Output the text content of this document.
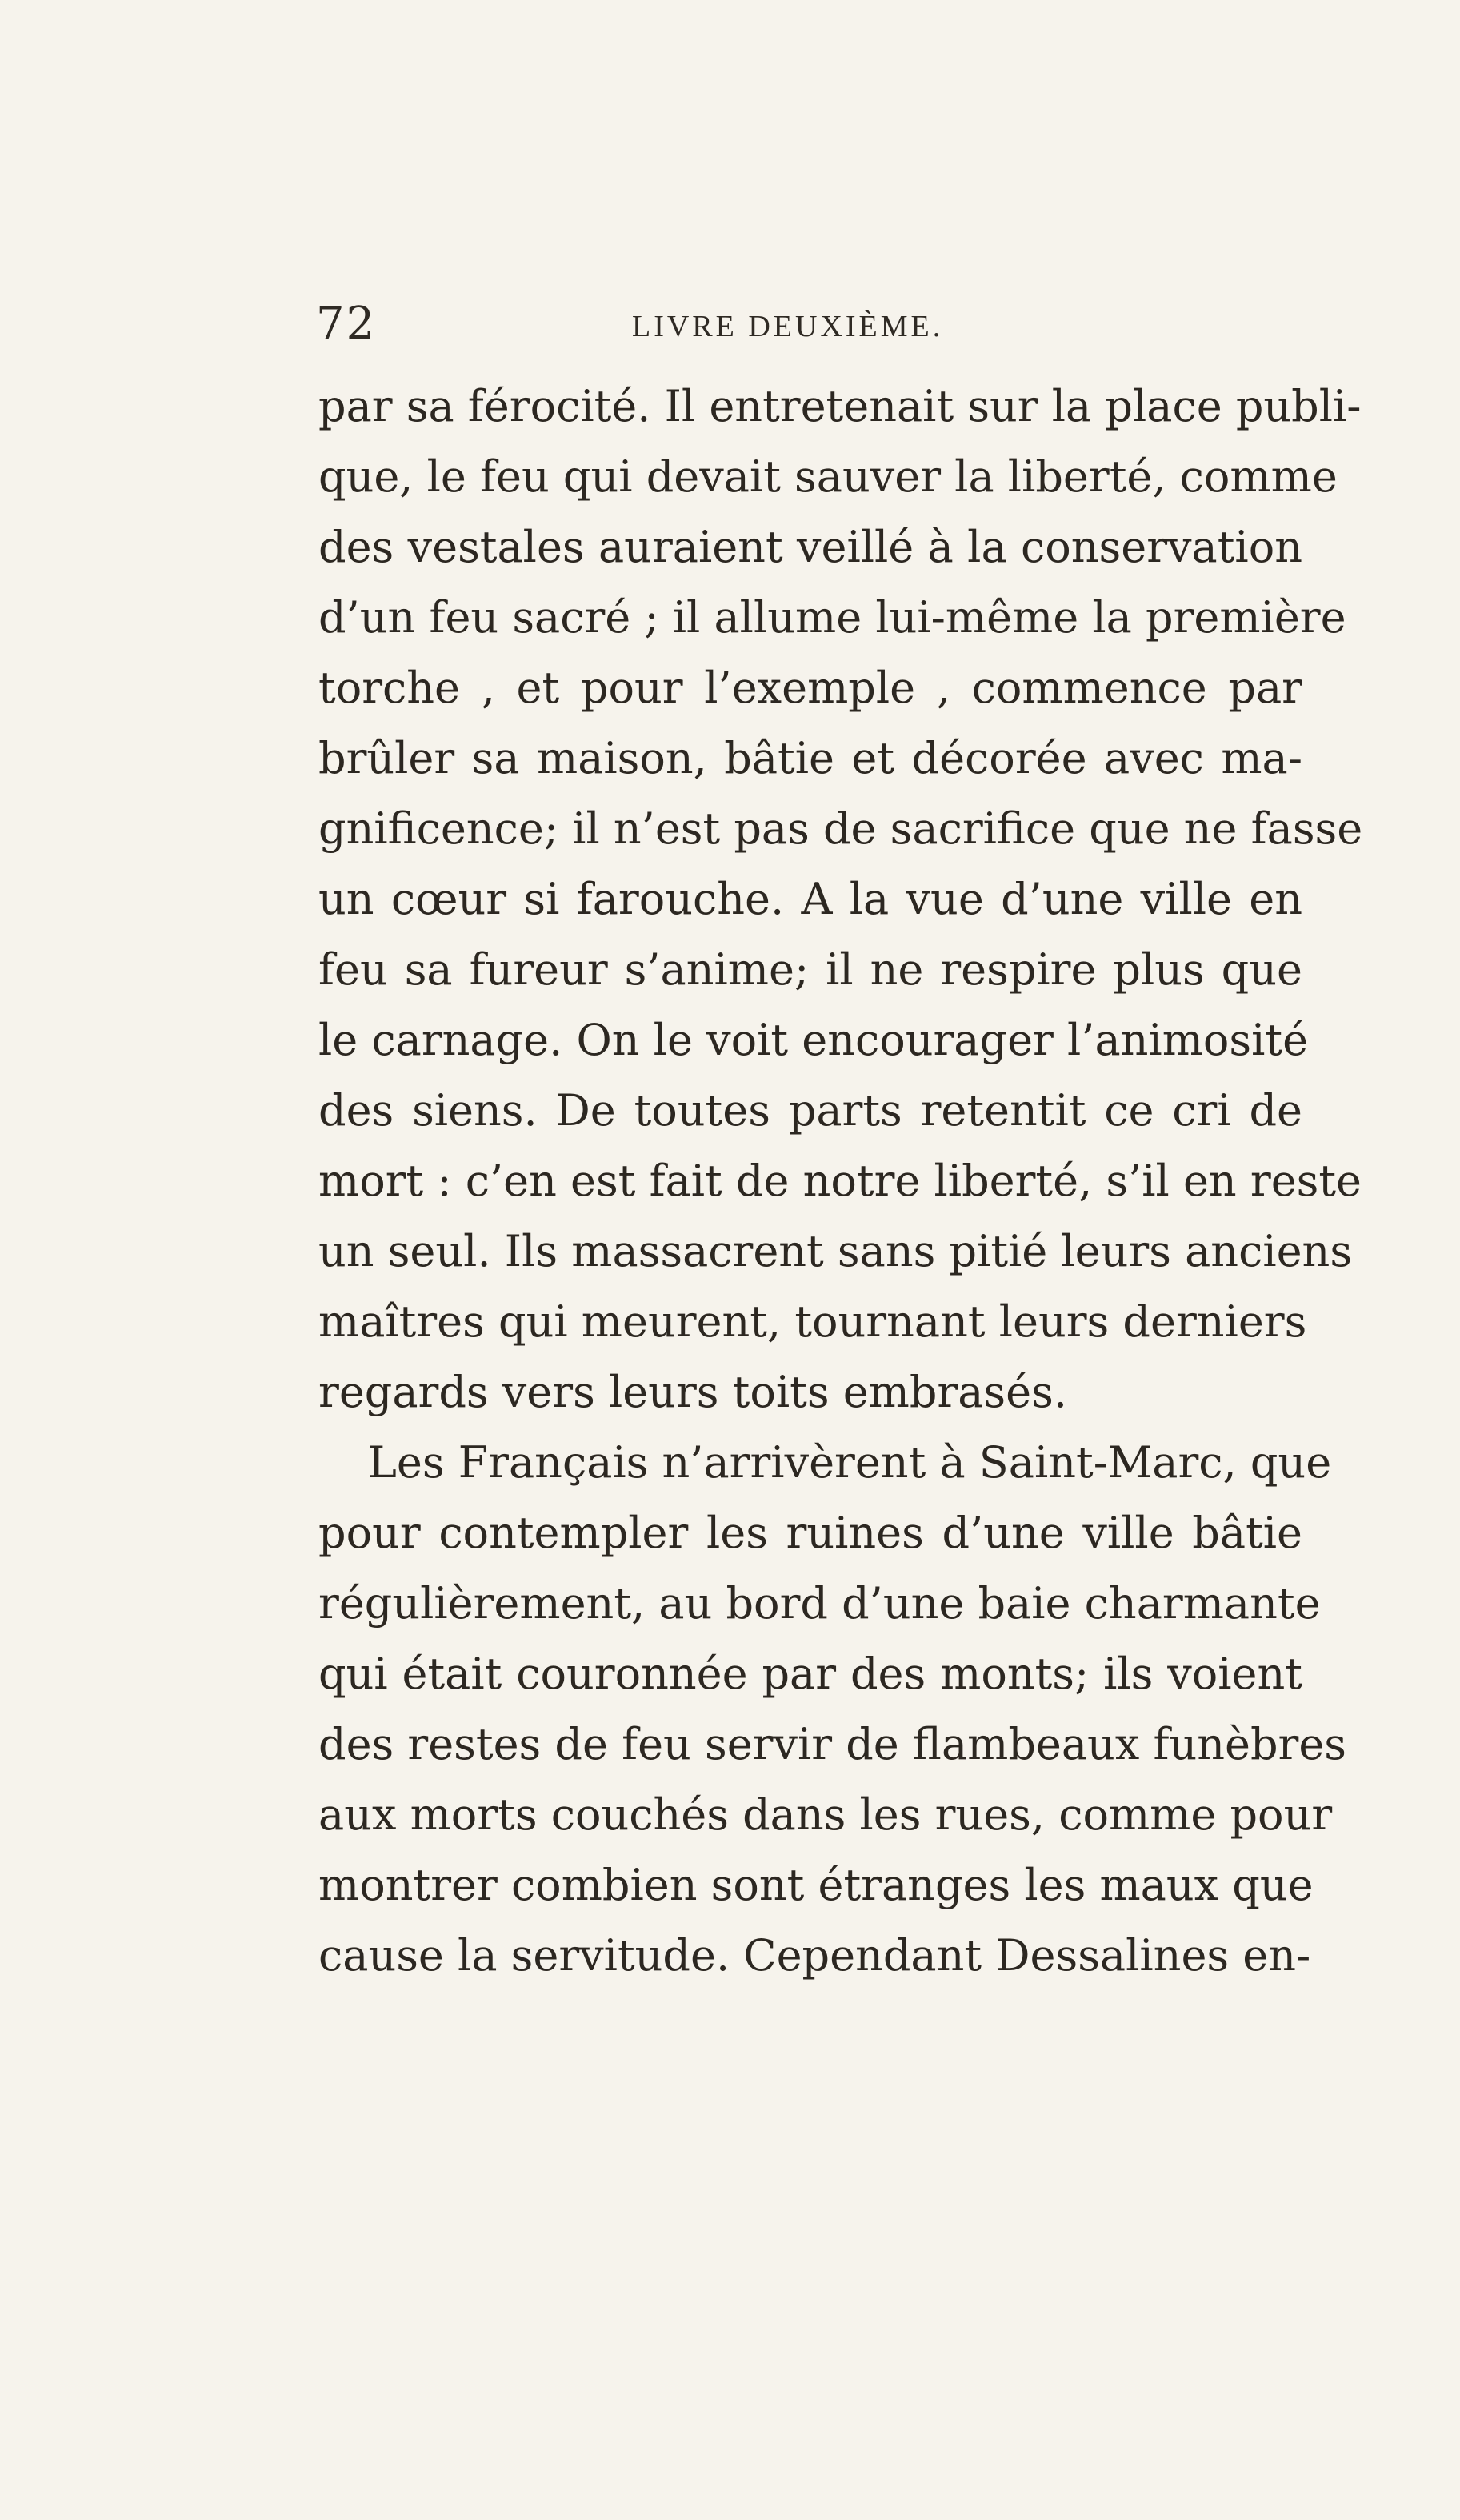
72	LIVRE DEUXIÈME.
par sa férocité. Il entretenait sur la place publi-
que, le feu qui devait sauver la liberté, comme
des vestales auraient veillé à la conservation
d’un feu sacré ; il allume lui-même la première
torche , et pour l’exemple , commence par
brûler sa maison, bâtie et décorée avec ma-
gnificence; il n’est pas de sacrifice que ne fasse
un cœur si farouche. A la vue d’une ville en
feu sa fureur s’anime; il ne respire plus que
le carnage. On le voit encourager l’animosité
des siens. De toutes parts retentit ce cri de
mort : c’en est fait de notre liberté, s’il en reste
un seul. Ils massacrent sans pitié leurs anciens
maîtres qui meurent, tournant leurs derniers
regards vers leurs toits embrasés.
Les Français n’arrivèrent à Saint-Marc, que
pour contempler les ruines d’une ville bâtie
régulièrement, au bord d’une baie charmante
qui était couronnée par des monts; ils voient
des restes de feu servir de flambeaux funèbres
aux morts couchés dans les rues, comme pour
montrer combien sont étranges les maux que
cause la servitude. Cependant Dessalines en-
